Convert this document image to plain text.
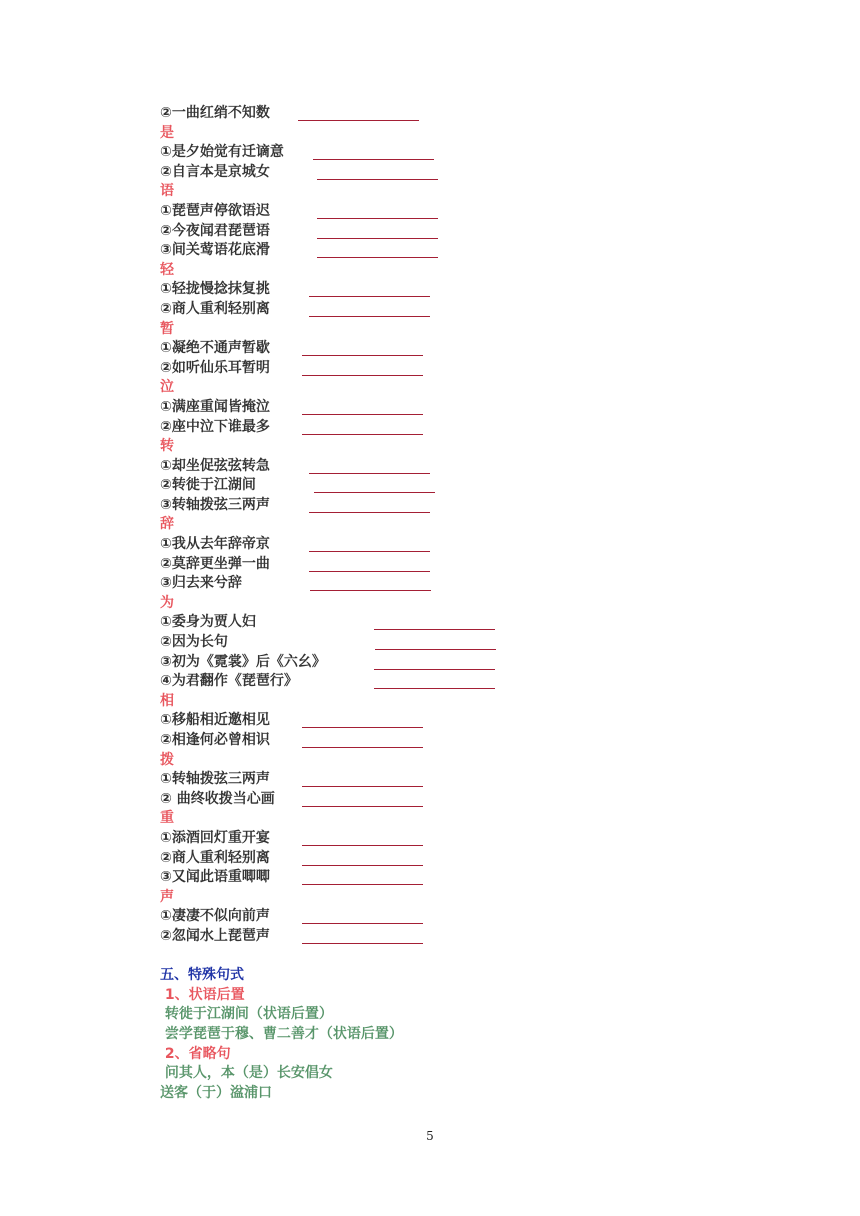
②一曲红绡不知数
是
①是夕始觉有迁谪意
②自言本是京城女
语
①琵琶声停欲语迟
②今夜闻君琵琶语
③间关莺语花底滑
轻
①轻拢慢捻抹复挑
②商人重利轻别离
暂
①凝绝不通声暂歇
②如听仙乐耳暂明
泣
①满座重闻皆掩泣
②座中泣下谁最多
转
①却坐促弦弦转急
②转徙于江湖间
③转轴拨弦三两声
辞
①我从去年辞帝京
②莫辞更坐弹一曲
③归去来兮辞
为
①委身为贾人妇
②因为长句
③初为《霓裳》后《六幺》
④为君翻作《琵琶行》
相
①移船相近邀相见
②相逢何必曾相识
拨
①转轴拨弦三两声
② 曲终收拨当心画
重
①添酒回灯重开宴
②商人重利轻别离
③又闻此语重唧唧
声
①凄凄不似向前声
②忽闻水上琵琶声
五、特殊句式
1、状语后置
转徙于江湖间（状语后置）
尝学琵琶于穆、曹二善才（状语后置）
2、省略句
问其人，本（是）长安倡女
送客（于）湓浦口
5
